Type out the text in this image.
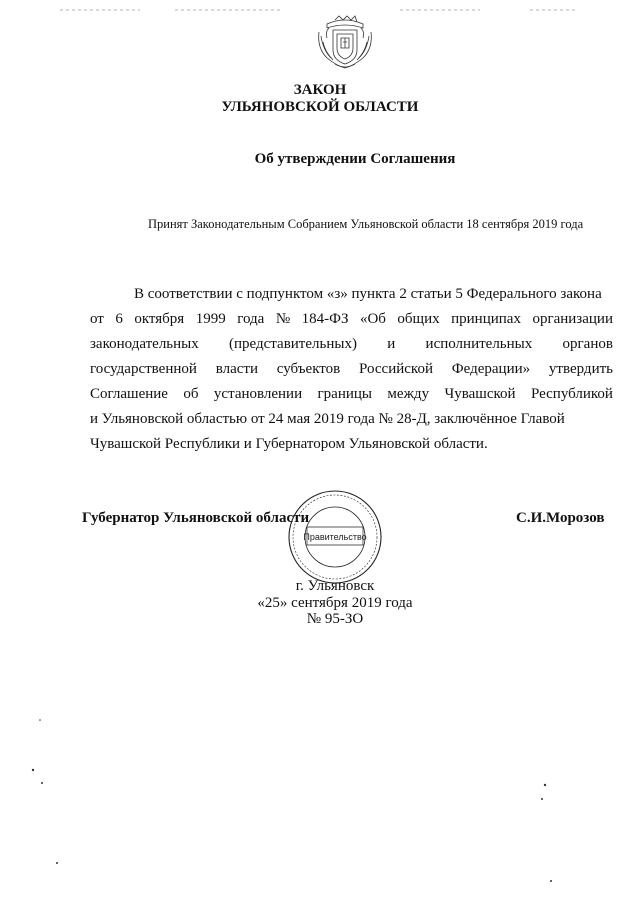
ЗАКОН
УЛЬЯНОВСКОЙ ОБЛАСТИ
Об утверждении Соглашения
Принят Законодательным Собранием Ульяновской области 18 сентября 2019 года
В соответствии с подпунктом «з» пункта 2 статьи 5 Федерального закона
от 6 октября 1999 года № 184-ФЗ «Об общих принципах организации
законодательных (представительных) и исполнительных органов
государственной власти субъектов Российской Федерации» утвердить
Соглашение об установлении границы между Чувашской Республикой
и Ульяновской областью от 24 мая 2019 года № 28-Д, заключённое Главой
Чувашской Республики и Губернатором Ульяновской области.
Правительство
Губернатор Ульяновской области	С.И.Морозов
г. Ульяновск
«25» сентября 2019 года
№ 95-ЗО
